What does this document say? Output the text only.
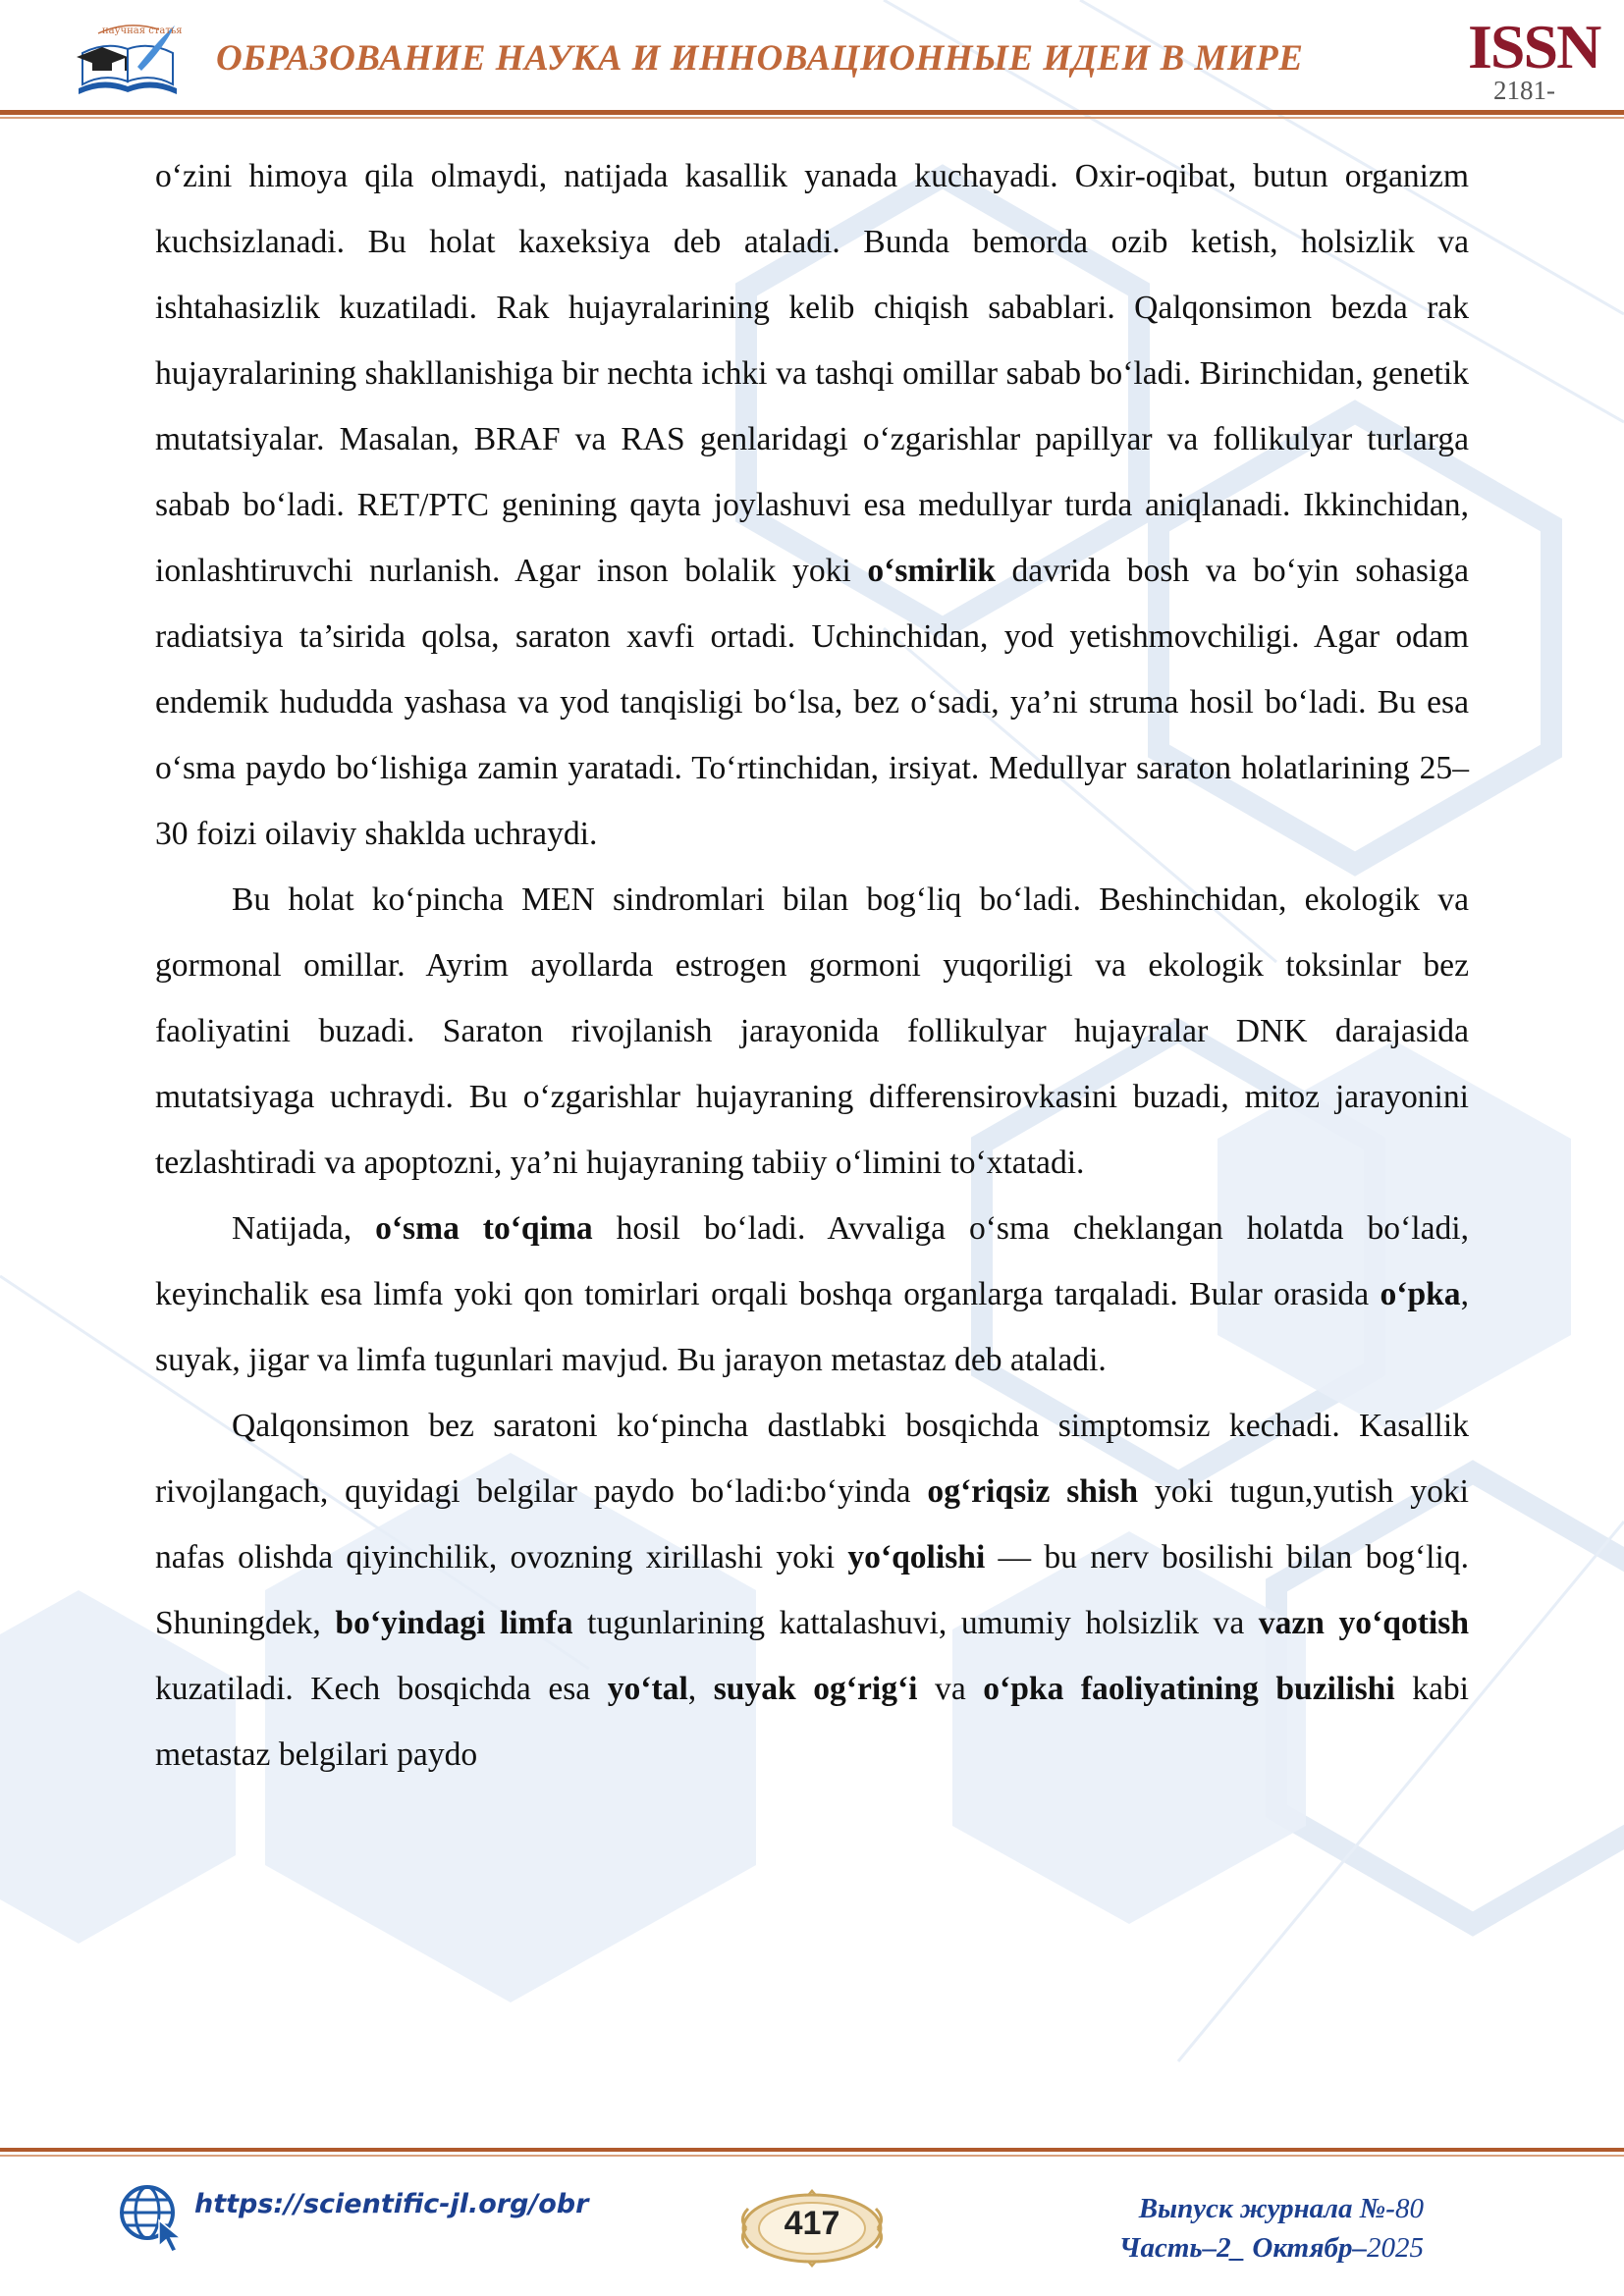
научная статья
ОБРАЗОВАНИЕ НАУКА И ИННОВАЦИОННЫЕ ИДЕИ В МИРЕ	ISSN
2181-

o‘zini himoya qila olmaydi, natijada kasallik yanada kuchayadi. Oxir-oqibat, butun organizm kuchsizlanadi. Bu holat kaxeksiya deb ataladi. Bunda bemorda ozib ketish, holsizlik va ishtahasizlik kuzatiladi. Rak hujayralarining kelib chiqish sabablari. Qalqonsimon bezda rak hujayralarining shakllanishiga bir nechta ichki va tashqi omillar sabab bo‘ladi. Birinchidan, genetik mutatsiyalar. Masalan, BRAF va RAS genlaridagi o‘zgarishlar papillyar va follikulyar turlarga sabab bo‘ladi. RET/PTC genining qayta joylashuvi esa medullyar turda aniqlanadi. Ikkinchidan, ionlashtiruvchi nurlanish. Agar inson bolalik yoki o‘smirlik davrida bosh va bo‘yin sohasiga radiatsiya ta’sirida qolsa, saraton xavfi ortadi. Uchinchidan, yod yetishmovchiligi. Agar odam endemik hududda yashasa va yod tanqisligi bo‘lsa, bez o‘sadi, ya’ni struma hosil bo‘ladi. Bu esa o‘sma paydo bo‘lishiga zamin yaratadi. To‘rtinchidan, irsiyat. Medullyar saraton holatlarining 25–30 foizi oilaviy shaklda uchraydi.

Bu holat ko‘pincha MEN sindromlari bilan bog‘liq bo‘ladi. Beshinchidan, ekologik va gormonal omillar. Ayrim ayollarda estrogen gormoni yuqoriligi va ekologik toksinlar bez faoliyatini buzadi. Saraton rivojlanish jarayonida follikulyar hujayralar DNK darajasida mutatsiyaga uchraydi. Bu o‘zgarishlar hujayraning differensirovkasini buzadi, mitoz jarayonini tezlashtiradi va apoptozni, ya’ni hujayraning tabiiy o‘limini to‘xtatadi.

Natijada, o‘sma to‘qima hosil bo‘ladi. Avvaliga o‘sma cheklangan holatda bo‘ladi, keyinchalik esa limfa yoki qon tomirlari orqali boshqa organlarga tarqaladi. Bular orasida o‘pka, suyak, jigar va limfa tugunlari mavjud. Bu jarayon metastaz deb ataladi.

Qalqonsimon bez saratoni ko‘pincha dastlabki bosqichda simptomsiz kechadi. Kasallik rivojlangach, quyidagi belgilar paydo bo‘ladi:bo‘yinda og‘riqsiz shish yoki tugun,yutish yoki nafas olishda qiyinchilik, ovozning xirillashi yoki yo‘qolishi — bu nerv bosilishi bilan bog‘liq. Shuningdek, bo‘yindagi limfa tugunlarining kattalashuvi, umumiy holsizlik va vazn yo‘qotish kuzatiladi. Kech bosqichda esa yo‘tal, suyak og‘rig‘i va o‘pka faoliyatining buzilishi kabi metastaz belgilari paydo

https://scientific-jl.org/obr
417	Выпуск журнала №-80
Часть–2_ Октябр–2025
